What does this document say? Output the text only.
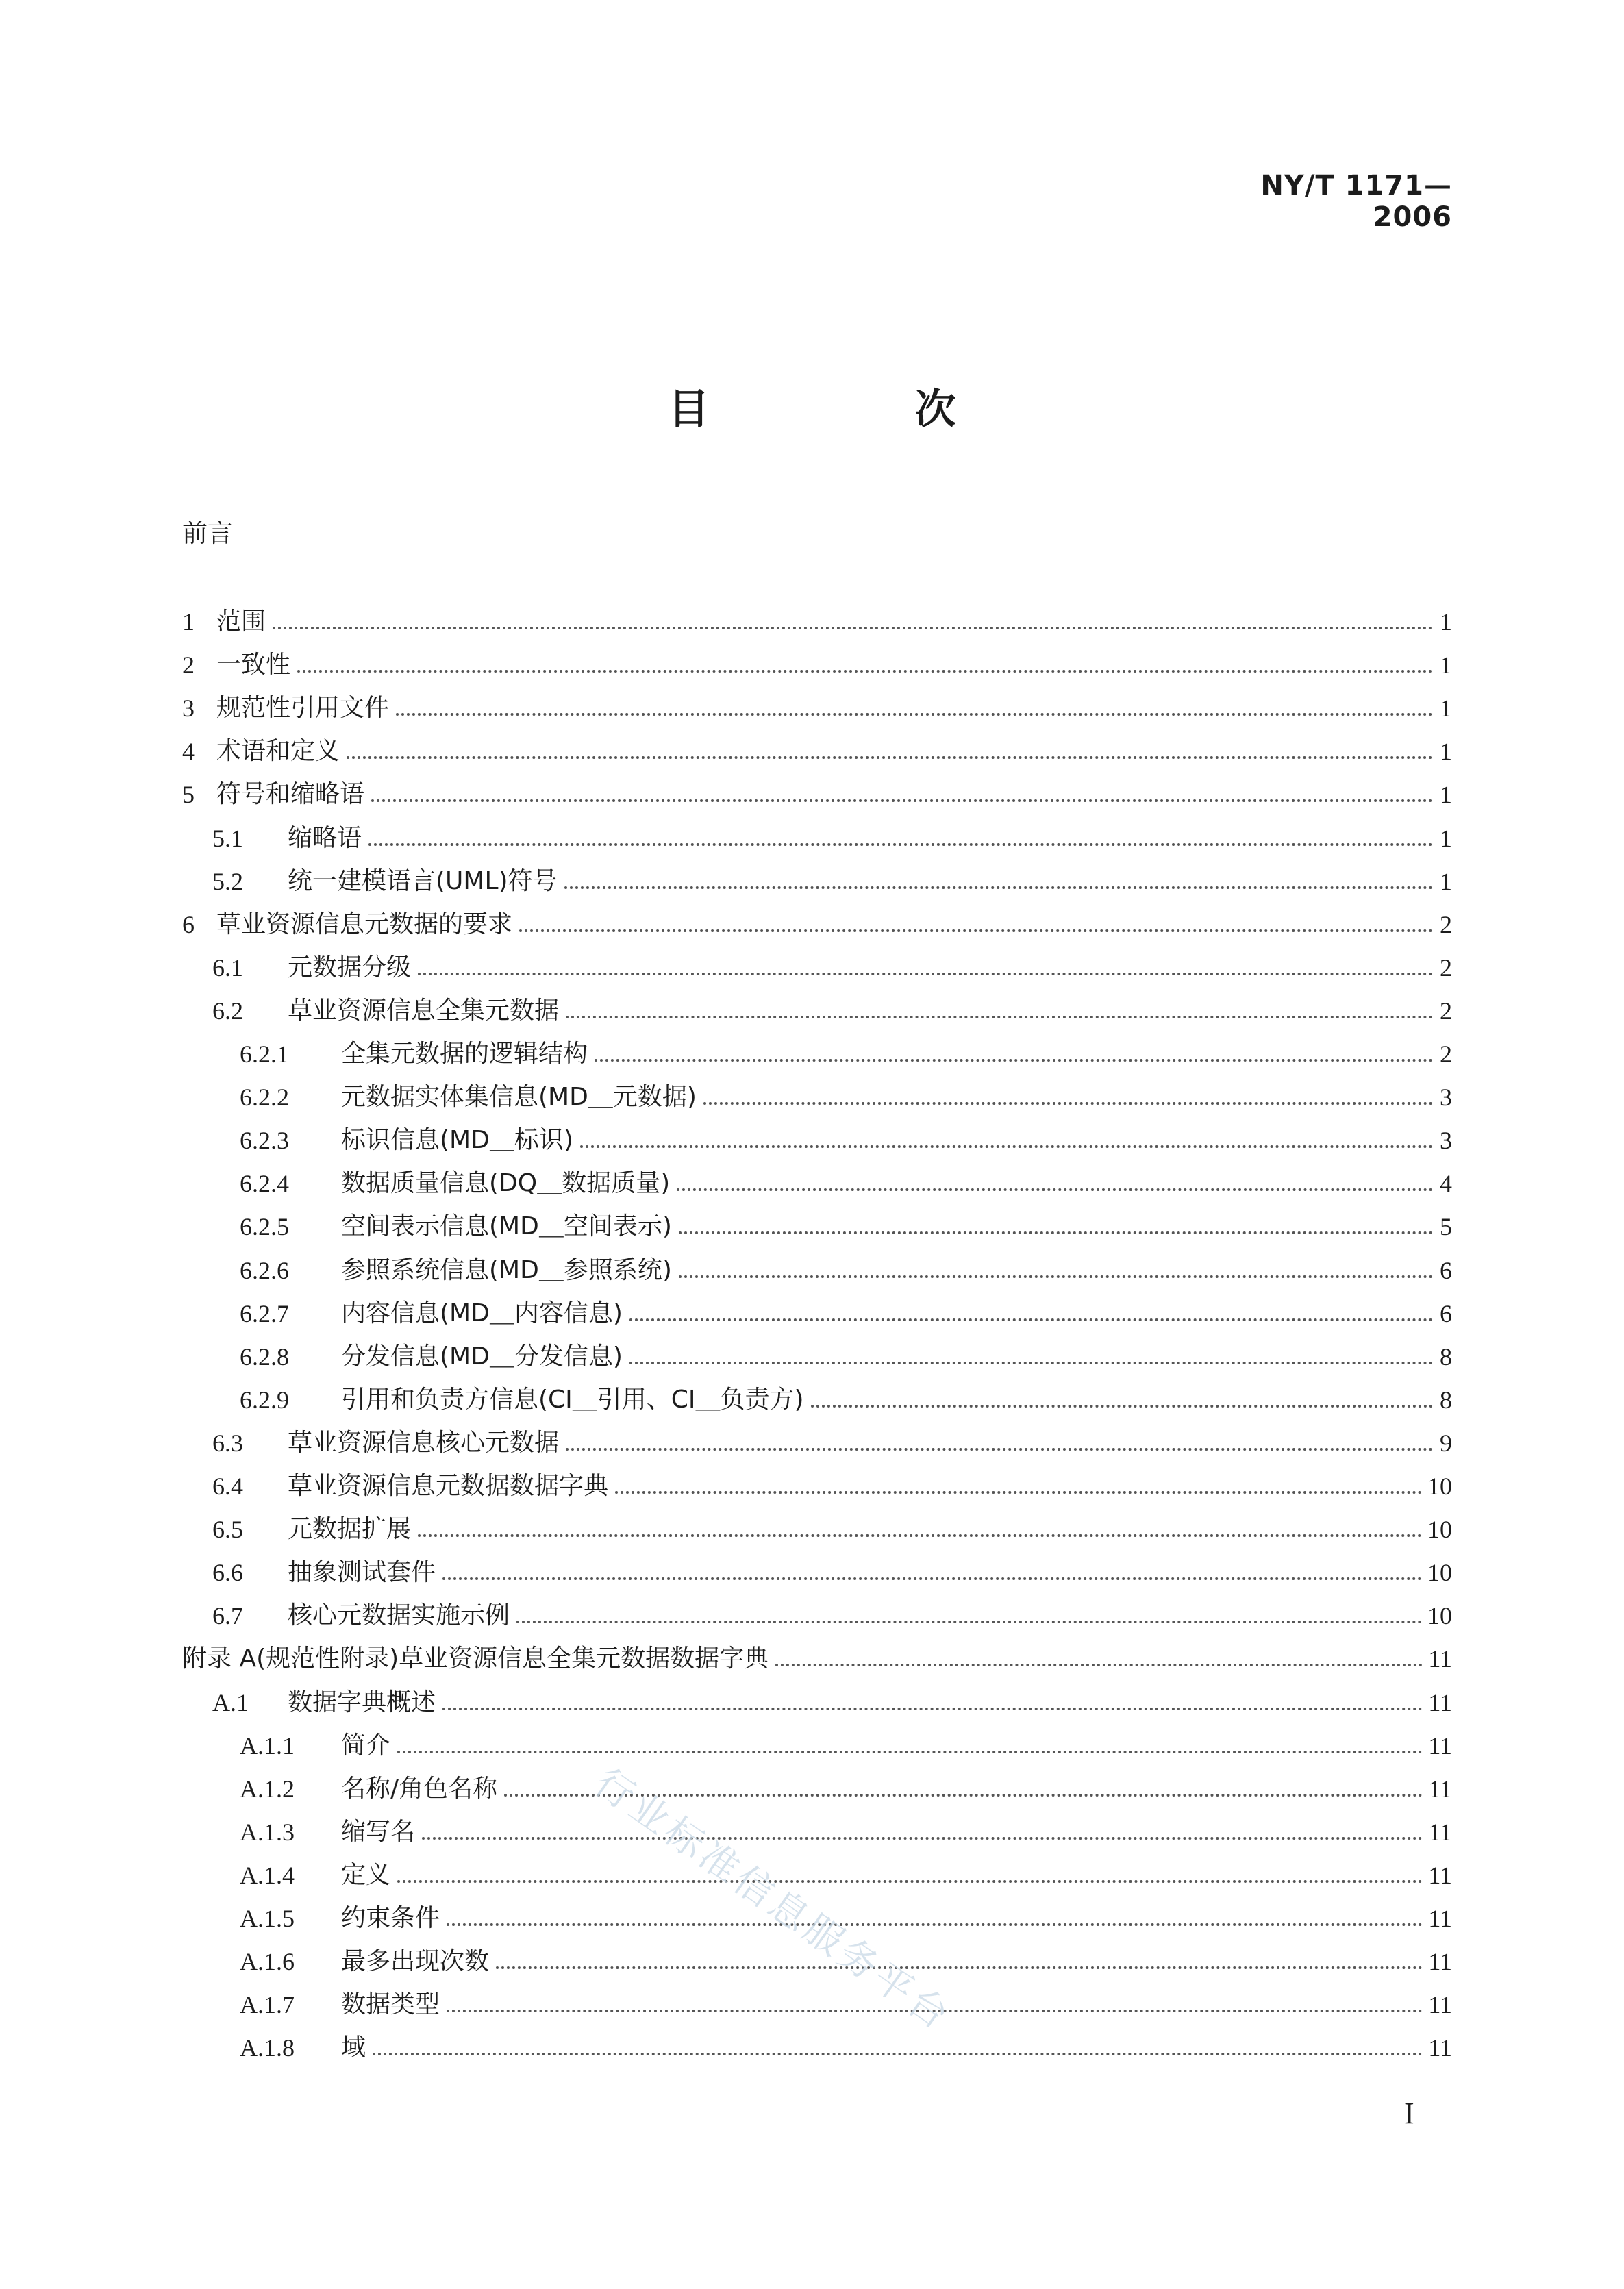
NY/T 1171—2006
目　次
前言
1 范围	1
2 一致性	1
3 规范性引用文件	1
4 术语和定义	1
5 符号和缩略语	1
5.1	缩略语	1
5.2	统一建模语言(UML)符号	1
6 草业资源信息元数据的要求	2
6.1	元数据分级	2
6.2	草业资源信息全集元数据	2
6.2.1	全集元数据的逻辑结构	2
6.2.2	元数据实体集信息(MD＿元数据)	3
6.2.3	标识信息(MD＿标识)	3
6.2.4	数据质量信息(DQ＿数据质量)	4
6.2.5	空间表示信息(MD＿空间表示)	5
6.2.6	参照系统信息(MD＿参照系统)	6
6.2.7	内容信息(MD＿内容信息)	6
6.2.8	分发信息(MD＿分发信息)	8
6.2.9	引用和负责方信息(CI＿引用、CI＿负责方)	8
6.3	草业资源信息核心元数据	9
6.4	草业资源信息元数据数据字典	10
6.5	元数据扩展	10
6.6	抽象测试套件	10
6.7	核心元数据实施示例	10
附录 A(规范性附录)草业资源信息全集元数据数据字典	11
A.1	数据字典概述	11
A.1.1	简介	11
A.1.2	名称/角色名称	11
A.1.3	缩写名	11
A.1.4	定义	11
A.1.5	约束条件	11
A.1.6	最多出现次数	11
A.1.7	数据类型	11
A.1.8	域	11
行业标准信息服务平台
I
